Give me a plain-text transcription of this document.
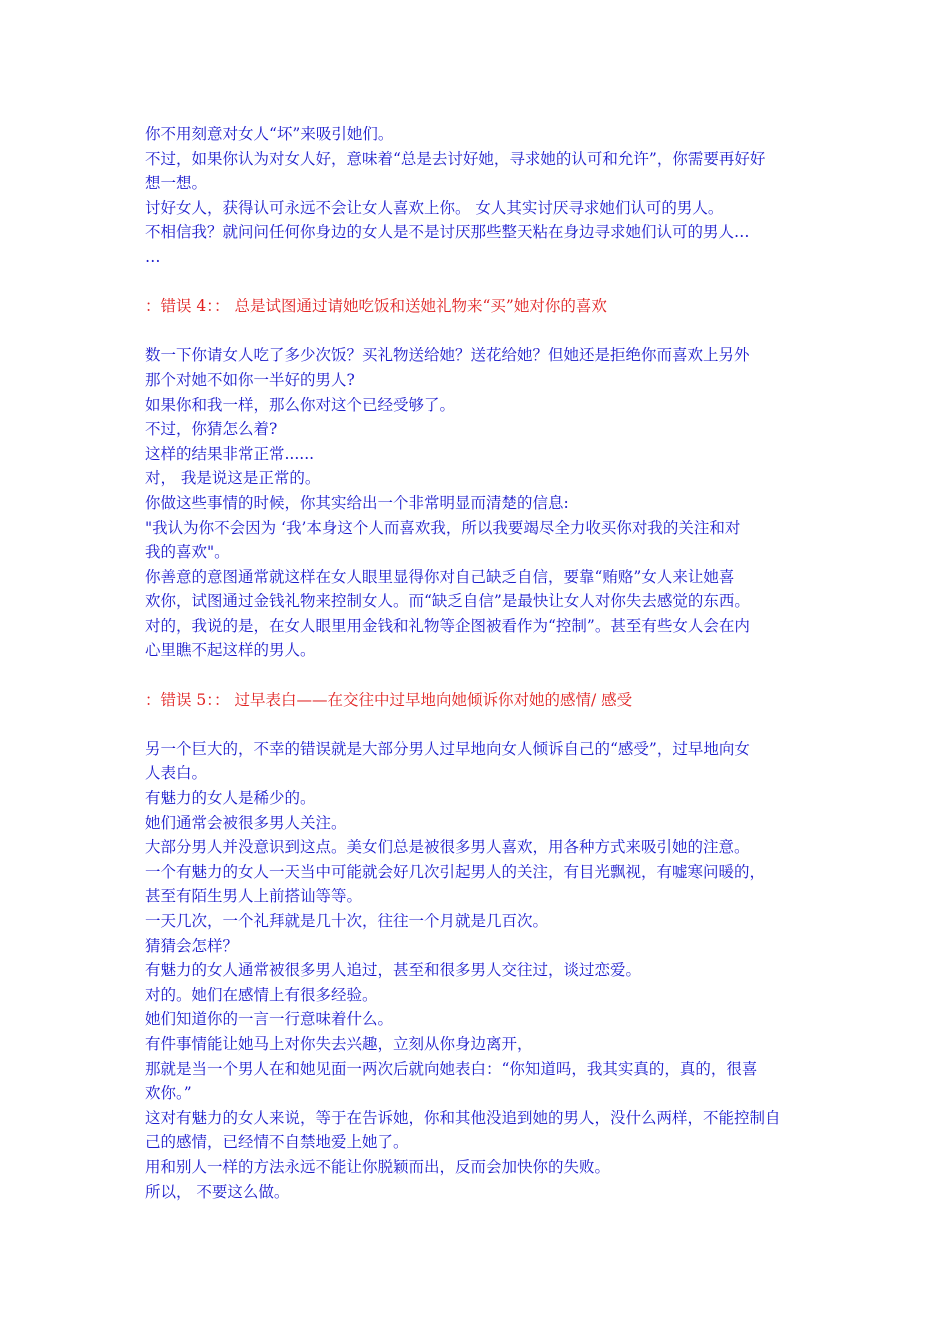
你不用刻意对女人“坏”来吸引她们。

不过，如果你认为对女人好，意味着“总是去讨好她，寻求她的认可和允许”，你需要再好好

想一想。

讨好女人，获得认可永远不会让女人喜欢上你。 女人其实讨厌寻求她们认可的男人。

不相信我？就问问任何你身边的女人是不是讨厌那些整天粘在身边寻求她们认可的男人…

…

：错误 4：： 总是试图通过请她吃饭和送她礼物来“买”她对你的喜欢

数一下你请女人吃了多少次饭？买礼物送给她？送花给她？但她还是拒绝你而喜欢上另外

那个对她不如你一半好的男人?

如果你和我一样，那么你对这个已经受够了。

不过，你猜怎么着?

这样的结果非常正常......

对， 我是说这是正常的。

你做这些事情的时候，你其实给出一个非常明显而清楚的信息:

"我认为你不会因为 ‘我’本身这个人而喜欢我，所以我要竭尽全力收买你对我的关注和对

我的喜欢"。

你善意的意图通常就这样在女人眼里显得你对自己缺乏自信，要靠“贿赂”女人来让她喜

欢你，试图通过金钱礼物来控制女人。而“缺乏自信”是最快让女人对你失去感觉的东西。

对的，我说的是，在女人眼里用金钱和礼物等企图被看作为“控制”。甚至有些女人会在内

心里瞧不起这样的男人。

：错误 5：： 过早表白——在交往中过早地向她倾诉你对她的感情/ 感受

另一个巨大的，不幸的错误就是大部分男人过早地向女人倾诉自己的“感受”，过早地向女

人表白。

有魅力的女人是稀少的。

她们通常会被很多男人关注。

大部分男人并没意识到这点。美女们总是被很多男人喜欢，用各种方式来吸引她的注意。

一个有魅力的女人一天当中可能就会好几次引起男人的关注，有目光飘视，有嘘寒问暖的，

甚至有陌生男人上前搭讪等等。

一天几次，一个礼拜就是几十次，往往一个月就是几百次。

猜猜会怎样？

有魅力的女人通常被很多男人追过，甚至和很多男人交往过，谈过恋爱。

对的。她们在感情上有很多经验。

她们知道你的一言一行意味着什么。

有件事情能让她马上对你失去兴趣，立刻从你身边离开，

那就是当一个男人在和她见面一两次后就向她表白：“你知道吗，我其实真的，真的，很喜

欢你。”

这对有魅力的女人来说，等于在告诉她，你和其他没追到她的男人，没什么两样，不能控制自

己的感情，已经情不自禁地爱上她了。

用和别人一样的方法永远不能让你脱颖而出，反而会加快你的失败。

所以， 不要这么做。
